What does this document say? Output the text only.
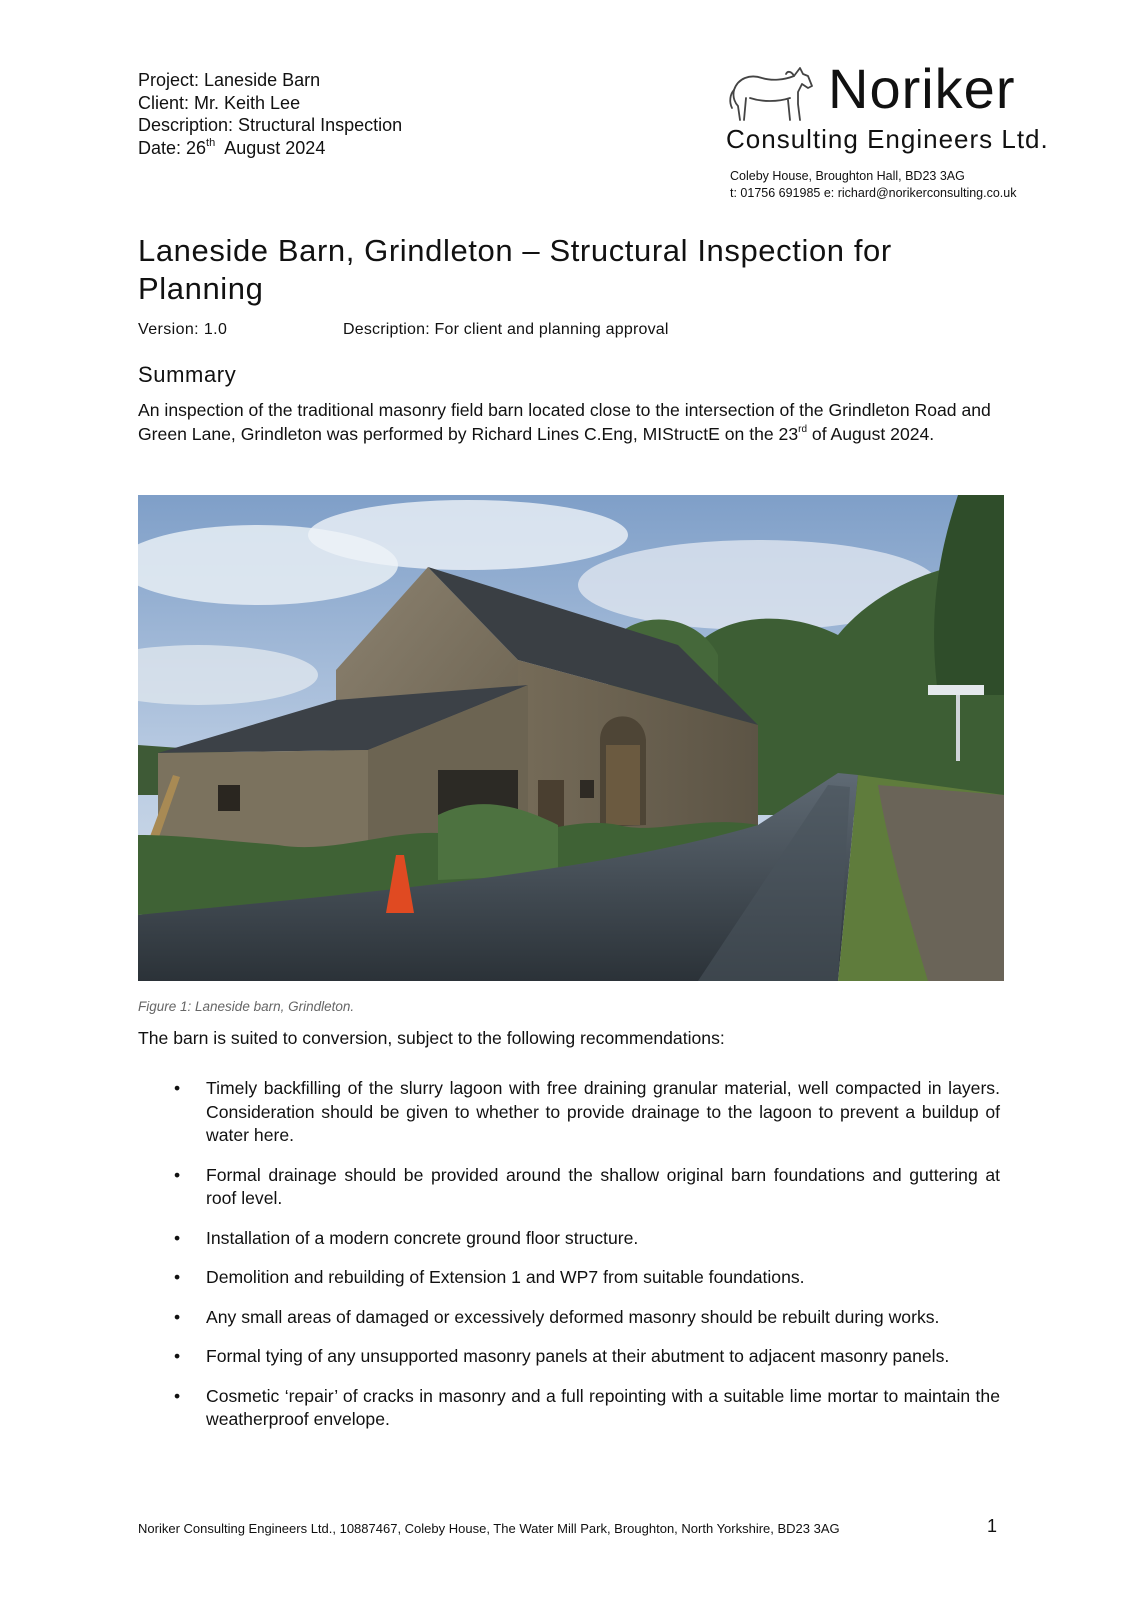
Project: Laneside Barn
Client: Mr. Keith Lee
Description: Structural Inspection
Date: 26th  August 2024
Noriker
Consulting Engineers Ltd.
Coleby House, Broughton Hall, BD23 3AG
t: 01756 691985 e: richard@norikerconsulting.co.uk
Laneside Barn, Grindleton – Structural Inspection for Planning
Version: 1.0	Description: For client and planning approval
Summary

An inspection of the traditional masonry field barn located close to the intersection of the Grindleton Road and Green Lane, Grindleton was performed by Richard Lines C.Eng, MIStructE on the 23rd of August 2024.

Figure 1: Laneside barn, Grindleton.

The barn is suited to conversion, subject to the following recommendations:

• Timely backfilling of the slurry lagoon with free draining granular material, well compacted in layers. Consideration should be given to whether to provide drainage to the lagoon to prevent a buildup of water here.
• Formal drainage should be provided around the shallow original barn foundations and guttering at roof level.
• Installation of a modern concrete ground floor structure.
• Demolition and rebuilding of Extension 1 and WP7 from suitable foundations.
• Any small areas of damaged or excessively deformed masonry should be rebuilt during works.
• Formal tying of any unsupported masonry panels at their abutment to adjacent masonry panels.
• Cosmetic ‘repair’ of cracks in masonry and a full repointing with a suitable lime mortar to maintain the weatherproof envelope.
Noriker Consulting Engineers Ltd., 10887467, Coleby House, The Water Mill Park, Broughton, North Yorkshire, BD23 3AG	1
